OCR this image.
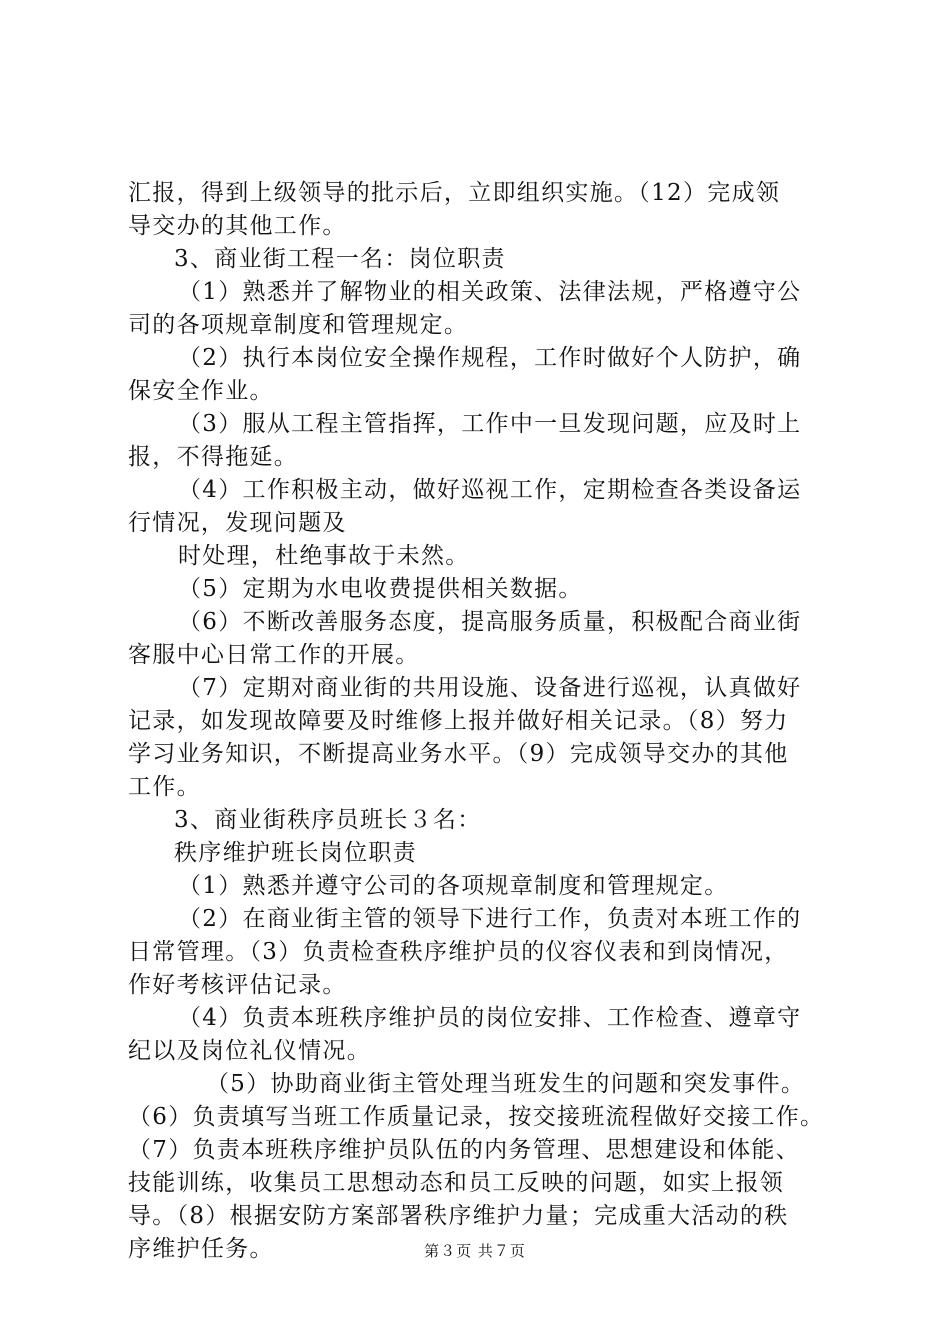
汇报，得到上级领导的批示后，立即组织实施。（12）完成领
导交办的其他工作。
3、商业街工程一名：岗位职责
（1）熟悉并了解物业的相关政策、法律法规，严格遵守公
司的各项规章制度和管理规定。
（2）执行本岗位安全操作规程，工作时做好个人防护，确
保安全作业。
（3）服从工程主管指挥，工作中一旦发现问题，应及时上
报，不得拖延。
（4）工作积极主动，做好巡视工作，定期检查各类设备运
行情况，发现问题及
时处理，杜绝事故于未然。
（5）定期为水电收费提供相关数据。
（6）不断改善服务态度，提高服务质量，积极配合商业街
客服中心日常工作的开展。
（7）定期对商业街的共用设施、设备进行巡视，认真做好
记录，如发现故障要及时维修上报并做好相关记录。（8）努力
学习业务知识，不断提高业务水平。（9）完成领导交办的其他
工作。
3、商业街秩序员班长３名：
秩序维护班长岗位职责
（1）熟悉并遵守公司的各项规章制度和管理规定。
（2）在商业街主管的领导下进行工作，负责对本班工作的
日常管理。（3）负责检查秩序维护员的仪容仪表和到岗情况，
作好考核评估记录。
（4）负责本班秩序维护员的岗位安排、工作检查、遵章守
纪以及岗位礼仪情况。
（5）协助商业街主管处理当班发生的问题和突发事件。
（6）负责填写当班工作质量记录，按交接班流程做好交接工作。
（7）负责本班秩序维护员队伍的内务管理、思想建设和体能、
技能训练，收集员工思想动态和员工反映的问题，如实上报领
导。（8）根据安防方案部署秩序维护力量；完成重大活动的秩
序维护任务。	第３页 共７页
